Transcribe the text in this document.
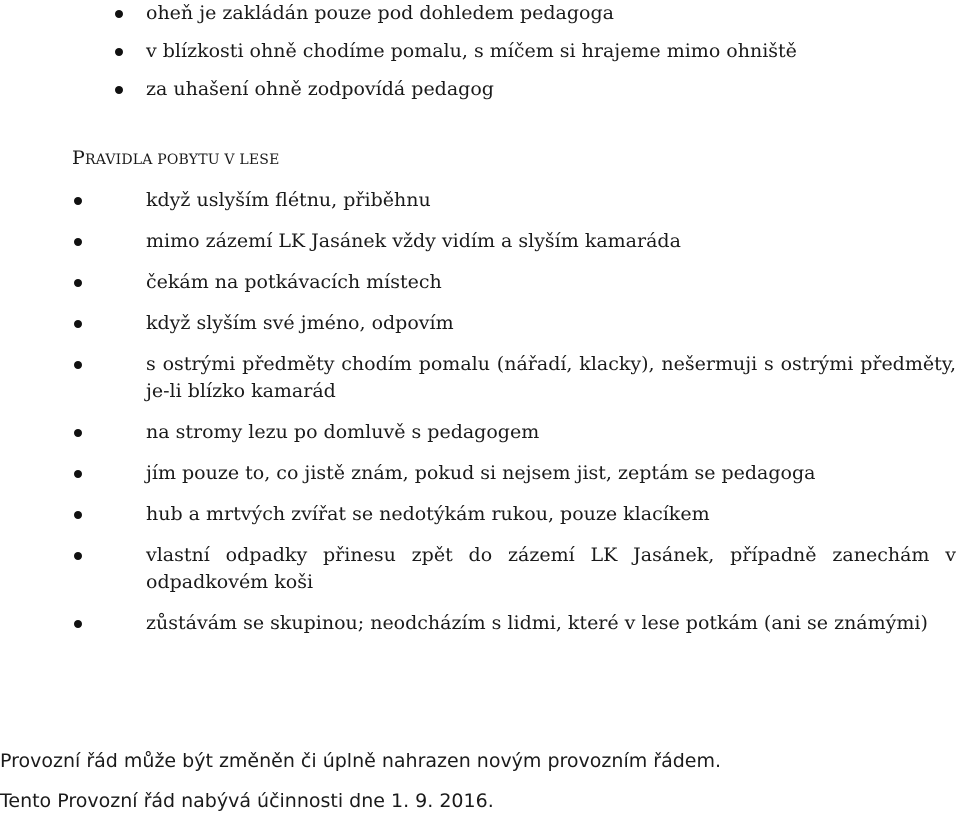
oheň je zakládán pouze pod dohledem pedagoga
v blízkosti ohně chodíme pomalu, s míčem si hrajeme mimo ohniště
za uhašení ohně zodpovídá pedagog
PRAVIDLA POBYTU V LESE
když uslyším flétnu, přiběhnu
mimo zázemí LK Jasánek vždy vidím a slyším kamaráda
čekám na potkávacích místech
když slyším své jméno, odpovím
s ostrými předměty chodím pomalu (nářadí, klacky), nešermuji s ostrými předměty, je-li blízko kamarád
na stromy lezu po domluvě s pedagogem
jím pouze to, co jistě znám, pokud si nejsem jist, zeptám se pedagoga
hub a mrtvých zvířat se nedotýkám rukou, pouze klacíkem
vlastní odpadky přinesu zpět do zázemí LK Jasánek, případně zanechám v odpadkovém koši
zůstávám se skupinou; neodcházím s lidmi, které v lese potkám (ani se známými)
Provozní řád může být změněn či úplně nahrazen novým provozním řádem.
Tento Provozní řád nabývá účinnosti dne 1. 9. 2016.
